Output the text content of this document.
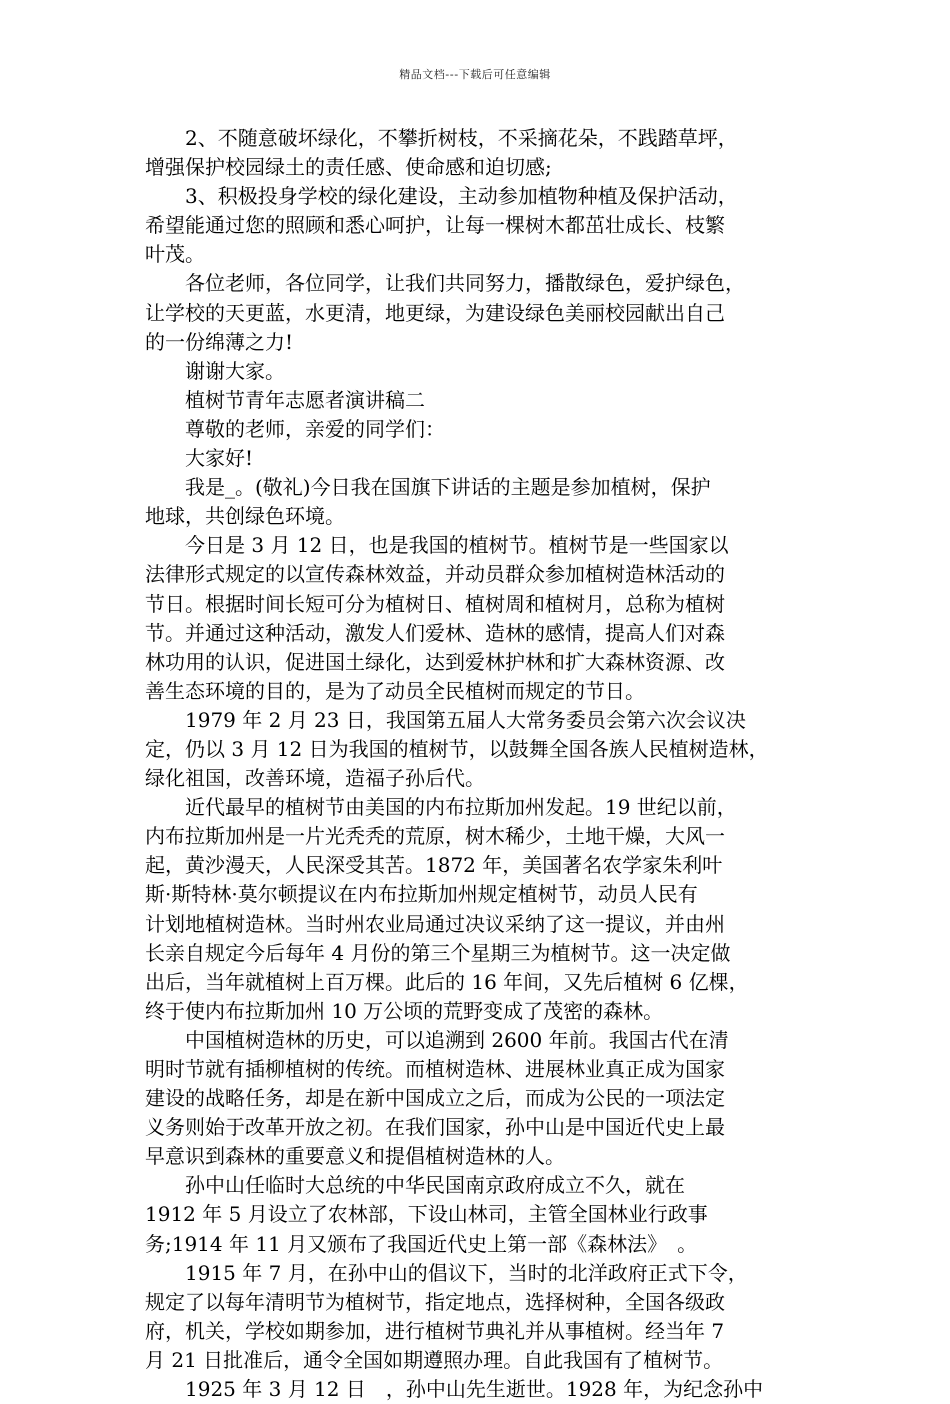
精品文档---下载后可任意编辑

　　2、不随意破坏绿化，不攀折树枝，不采摘花朵，不践踏草坪，
增强保护校园绿土的责任感、使命感和迫切感;

　　3、积极投身学校的绿化建设，主动参加植物种植及保护活动，
希望能通过您的照顾和悉心呵护，让每一棵树木都茁壮成长、枝繁
叶茂。

　　各位老师，各位同学，让我们共同努力，播散绿色，爱护绿色，
让学校的天更蓝，水更清，地更绿，为建设绿色美丽校园献出自己
的一份绵薄之力!

　　谢谢大家。

　　植树节青年志愿者演讲稿二

　　尊敬的老师，亲爱的同学们：

　　大家好!

　　我是_。(敬礼)今日我在国旗下讲话的主题是参加植树，保护
地球，共创绿色环境。

　　今日是 3 月 12 日，也是我国的植树节。植树节是一些国家以
法律形式规定的以宣传森林效益，并动员群众参加植树造林活动的
节日。根据时间长短可分为植树日、植树周和植树月，总称为植树
节。并通过这种活动，激发人们爱林、造林的感情，提高人们对森
林功用的认识，促进国土绿化，达到爱林护林和扩大森林资源、改
善生态环境的目的，是为了动员全民植树而规定的节日。

　　1979 年 2 月 23 日，我国第五届人大常务委员会第六次会议决
定，仍以 3 月 12 日为我国的植树节，以鼓舞全国各族人民植树造林，
绿化祖国，改善环境，造福子孙后代。

　　近代最早的植树节由美国的内布拉斯加州发起。19 世纪以前，
内布拉斯加州是一片光秃秃的荒原，树木稀少，土地干燥，大风一
起，黄沙漫天，人民深受其苦。1872 年，美国著名农学家朱利叶
斯·斯特林·莫尔顿提议在内布拉斯加州规定植树节，动员人民有
计划地植树造林。当时州农业局通过决议采纳了这一提议，并由州
长亲自规定今后每年 4 月份的第三个星期三为植树节。这一决定做
出后，当年就植树上百万棵。此后的 16 年间，又先后植树 6 亿棵，
终于使内布拉斯加州 10 万公顷的荒野变成了茂密的森林。

　　中国植树造林的历史，可以追溯到 2600 年前。我国古代在清
明时节就有插柳植树的传统。而植树造林、进展林业真正成为国家
建设的战略任务，却是在新中国成立之后，而成为公民的一项法定
义务则始于改革开放之初。在我们国家，孙中山是中国近代史上最
早意识到森林的重要意义和提倡植树造林的人。

　　孙中山任临时大总统的中华民国南京政府成立不久，就在
1912 年 5 月设立了农林部，下设山林司，主管全国林业行政事
务;1914 年 11 月又颁布了我国近代史上第一部《森林法》　。

　　1915 年 7 月，在孙中山的倡议下，当时的北洋政府正式下令，
规定了以每年清明节为植树节，指定地点，选择树种，全国各级政
府，机关，学校如期参加，进行植树节典礼并从事植树。经当年 7
月 21 日批准后，通令全国如期遵照办理。自此我国有了植树节。

　　1925 年 3 月 12 日　，孙中山先生逝世。1928 年，为纪念孙中
